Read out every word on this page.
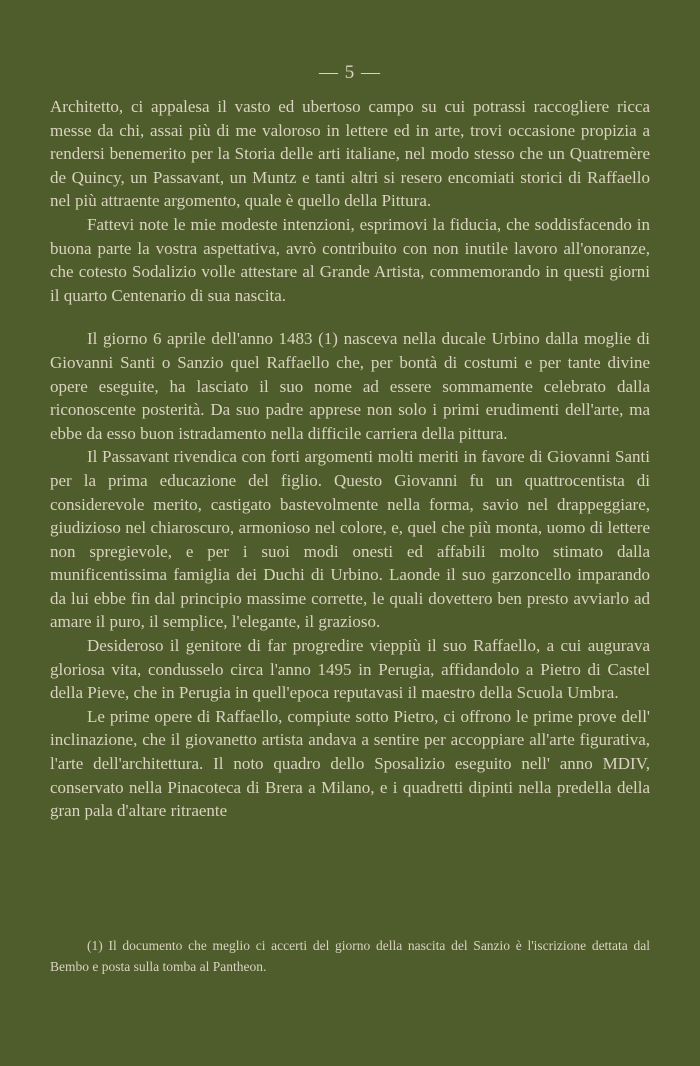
— 5 —

Architetto, ci appalesa il vasto ed ubertoso campo su cui potrassi raccogliere ricca messe da chi, assai più di me valoroso in lettere ed in arte, trovi occasione propizia a rendersi benemerito per la Storia delle arti italiane, nel modo stesso che un Quatremère de Quincy, un Passavant, un Muntz e tanti altri si resero encomiati storici di Raffaello nel più attraente argomento, quale è quello della Pittura.

Fattevi note le mie modeste intenzioni, esprimovi la fiducia, che soddisfacendo in buona parte la vostra aspettativa, avrò contribuito con non inutile lavoro all'onoranze, che cotesto Sodalizio volle attestare al Grande Artista, commemorando in questi giorni il quarto Centenario di sua nascita.

Il giorno 6 aprile dell'anno 1483 (1) nasceva nella ducale Urbino dalla moglie di Giovanni Santi o Sanzio quel Raffaello che, per bontà di costumi e per tante divine opere eseguite, ha lasciato il suo nome ad essere sommamente celebrato dalla riconoscente posterità. Da suo padre apprese non solo i primi erudimenti dell'arte, ma ebbe da esso buon istradamento nella difficile carriera della pittura.

Il Passavant rivendica con forti argomenti molti meriti in favore di Giovanni Santi per la prima educazione del figlio. Questo Giovanni fu un quattrocentista di considerevole merito, castigato bastevolmente nella forma, savio nel drappeggiare, giudizioso nel chiaroscuro, armonioso nel colore, e, quel che più monta, uomo di lettere non spregievole, e per i suoi modi onesti ed affabili molto stimato dalla munificentissima famiglia dei Duchi di Urbino. Laonde il suo garzoncello imparando da lui ebbe fin dal principio massime corrette, le quali dovettero ben presto avviarlo ad amare il puro, il semplice, l'elegante, il grazioso.

Desideroso il genitore di far progredire vieppiù il suo Raffaello, a cui augurava gloriosa vita, condusselo circa l'anno 1495 in Perugia, affidandolo a Pietro di Castel della Pieve, che in Perugia in quell'epoca reputavasi il maestro della Scuola Umbra.

Le prime opere di Raffaello, compiute sotto Pietro, ci offrono le prime prove dell' inclinazione, che il giovanetto artista andava a sentire per accoppiare all'arte figurativa, l'arte dell'architettura. Il noto quadro dello Sposalizio eseguito nell' anno MDIV, conservato nella Pinacoteca di Brera a Milano, e i quadretti dipinti nella predella della gran pala d'altare ritraente

(1) Il documento che meglio ci accerti del giorno della nascita del Sanzio è l'iscrizione dettata dal Bembo e posta sulla tomba al Pantheon.
